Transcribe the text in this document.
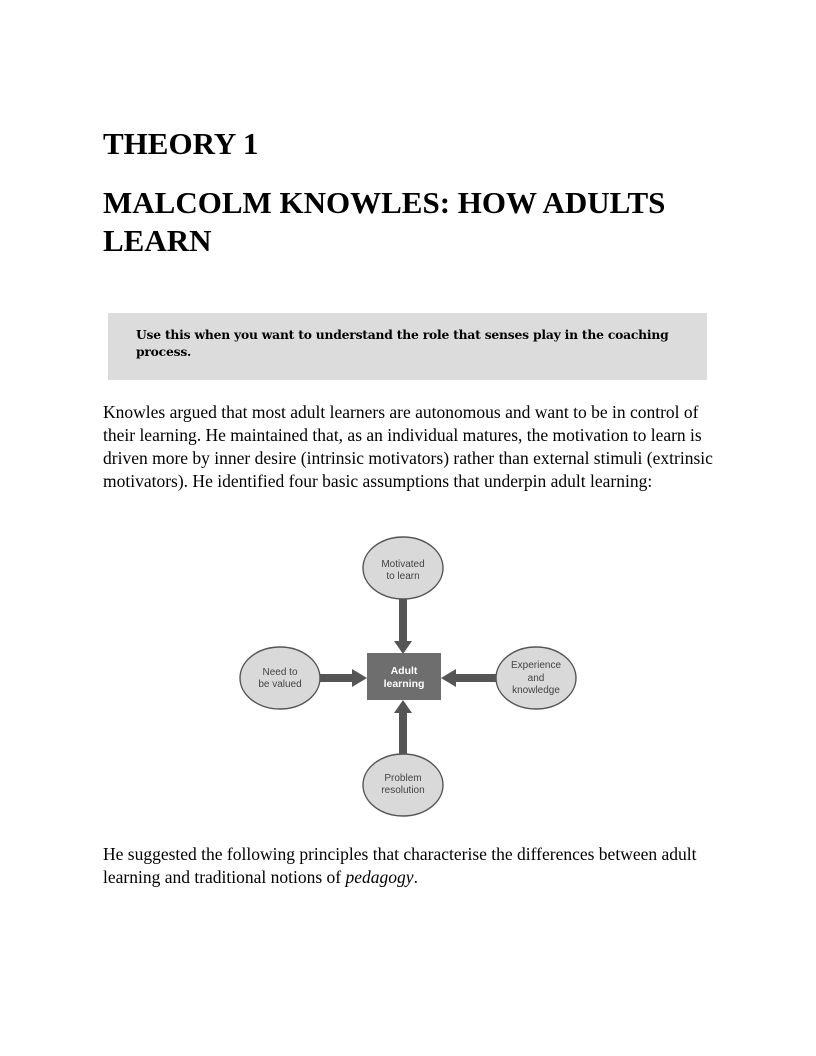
THEORY 1
MALCOLM KNOWLES: HOW ADULTS LEARN

Use this when you want to understand the role that senses play in the coaching process.

Knowles argued that most adult learners are autonomous and want to be in control of their learning. He maintained that, as an individual matures, the motivation to learn is driven more by inner desire (intrinsic motivators) rather than external stimuli (extrinsic motivators). He identified four basic assumptions that underpin adult learning:

Adult
learning
Motivated
to learn
Need to
be valued
Experience
and
knowledge
Problem
resolution

He suggested the following principles that characterise the differences between adult learning and traditional notions of pedagogy.
